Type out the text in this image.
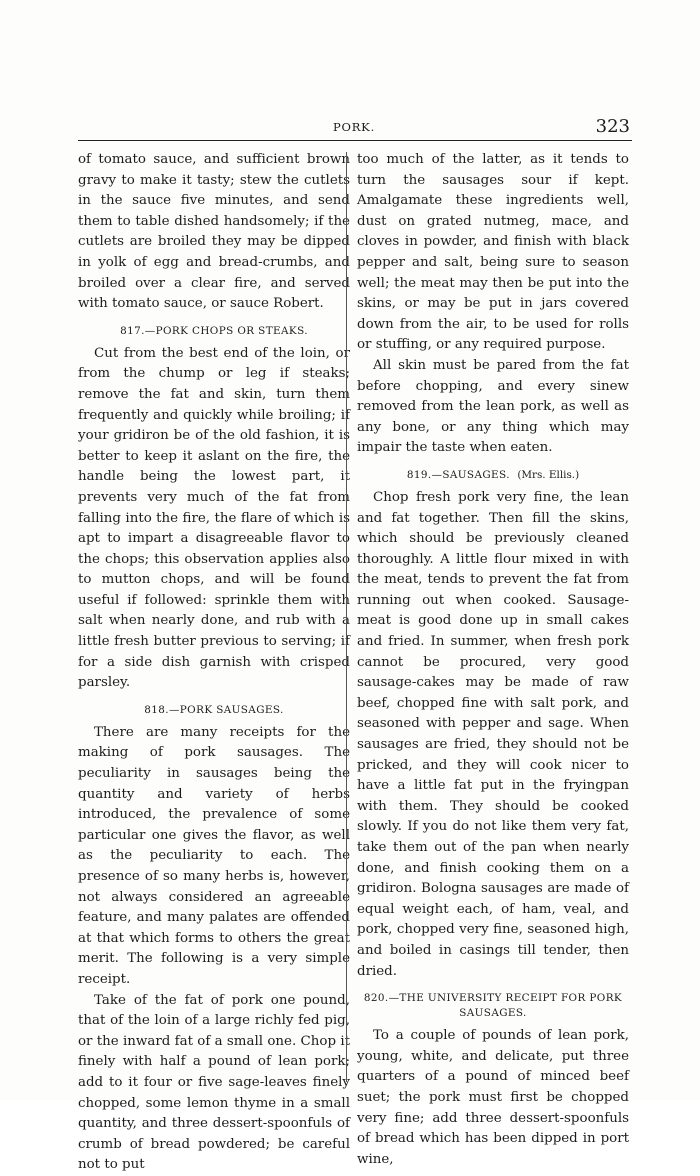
PORK.	323

of tomato sauce, and sufficient brown gravy to make it tasty; stew the cutlets in the sauce five minutes, and send them to table dished handsomely; if the cutlets are broiled they may be dipped in yolk of egg and bread-crumbs, and broiled over a clear fire, and served with tomato sauce, or sauce Robert.

817.—PORK CHOPS OR STEAKS.

Cut from the best end of the loin, or from the chump or leg if steaks; remove the fat and skin, turn them frequently and quickly while broiling; if your gridiron be of the old fashion, it is better to keep it aslant on the fire, the handle being the lowest part, it prevents very much of the fat from falling into the fire, the flare of which is apt to impart a disagreeable flavor to the chops; this observation applies also to mutton chops, and will be found useful if followed: sprinkle them with salt when nearly done, and rub with a little fresh butter previous to serving; if for a side dish garnish with crisped parsley.

818.—PORK SAUSAGES.

There are many receipts for the making of pork sausages. The peculiarity in sausages being the quantity and variety of herbs introduced, the prevalence of some particular one gives the flavor, as well as the peculiarity to each. The presence of so many herbs is, however, not always considered an agreeable feature, and many palates are offended at that which forms to others the great merit. The following is a very simple receipt.

Take of the fat of pork one pound, that of the loin of a large richly fed pig, or the inward fat of a small one. Chop it finely with half a pound of lean pork; add to it four or five sage-leaves finely chopped, some lemon thyme in a small quantity, and three dessert-spoonfuls of crumb of bread powdered; be careful not to put

too much of the latter, as it tends to turn the sausages sour if kept. Amalgamate these ingredients well, dust on grated nutmeg, mace, and cloves in powder, and finish with black pepper and salt, being sure to season well; the meat may then be put into the skins, or may be put in jars covered down from the air, to be used for rolls or stuffing, or any required purpose.

All skin must be pared from the fat before chopping, and every sinew removed from the lean pork, as well as any bone, or any thing which may impair the taste when eaten.

819.—SAUSAGES. (Mrs. Ellis.)

Chop fresh pork very fine, the lean and fat together. Then fill the skins, which should be previously cleaned thoroughly. A little flour mixed in with the meat, tends to prevent the fat from running out when cooked. Sausage-meat is good done up in small cakes and fried. In summer, when fresh pork cannot be procured, very good sausage-cakes may be made of raw beef, chopped fine with salt pork, and seasoned with pepper and sage. When sausages are fried, they should not be pricked, and they will cook nicer to have a little fat put in the fryingpan with them. They should be cooked slowly. If you do not like them very fat, take them out of the pan when nearly done, and finish cooking them on a gridiron. Bologna sausages are made of equal weight each, of ham, veal, and pork, chopped very fine, seasoned high, and boiled in casings till tender, then dried.

820.—THE UNIVERSITY RECEIPT FOR PORK SAUSAGES.

To a couple of pounds of lean pork, young, white, and delicate, put three quarters of a pound of minced beef suet; the pork must first be chopped very fine; add three dessert-spoonfuls of bread which has been dipped in port wine,
